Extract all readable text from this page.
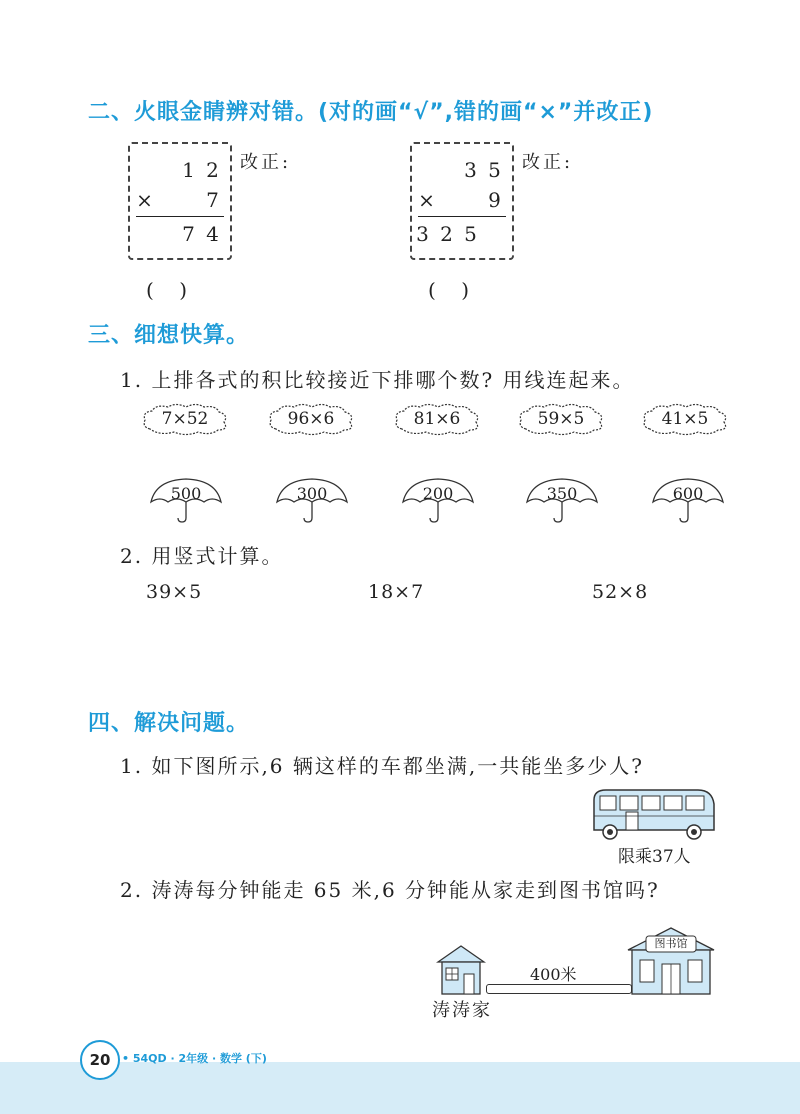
二、火眼金睛辨对错。(对的画“√”,错的画“×”并改正)
1 2
×	7
7 4
改正:
(    )
3 5
×	9
3 2 5
改正:
(    )
三、细想快算。
1. 上排各式的积比较接近下排哪个数? 用线连起来。
7×52	96×6	81×6	59×5	41×5
500	300	200	350	600
2. 用竖式计算。
39×5	18×7	52×8
四、解决问题。
1. 如下图所示,6 辆这样的车都坐满,一共能坐多少人?
限乘37人
2. 涛涛每分钟能走 65 米,6 分钟能从家走到图书馆吗?
涛涛家
400米
图书馆
20	• 54QD · 2年级 · 数学 (下)
